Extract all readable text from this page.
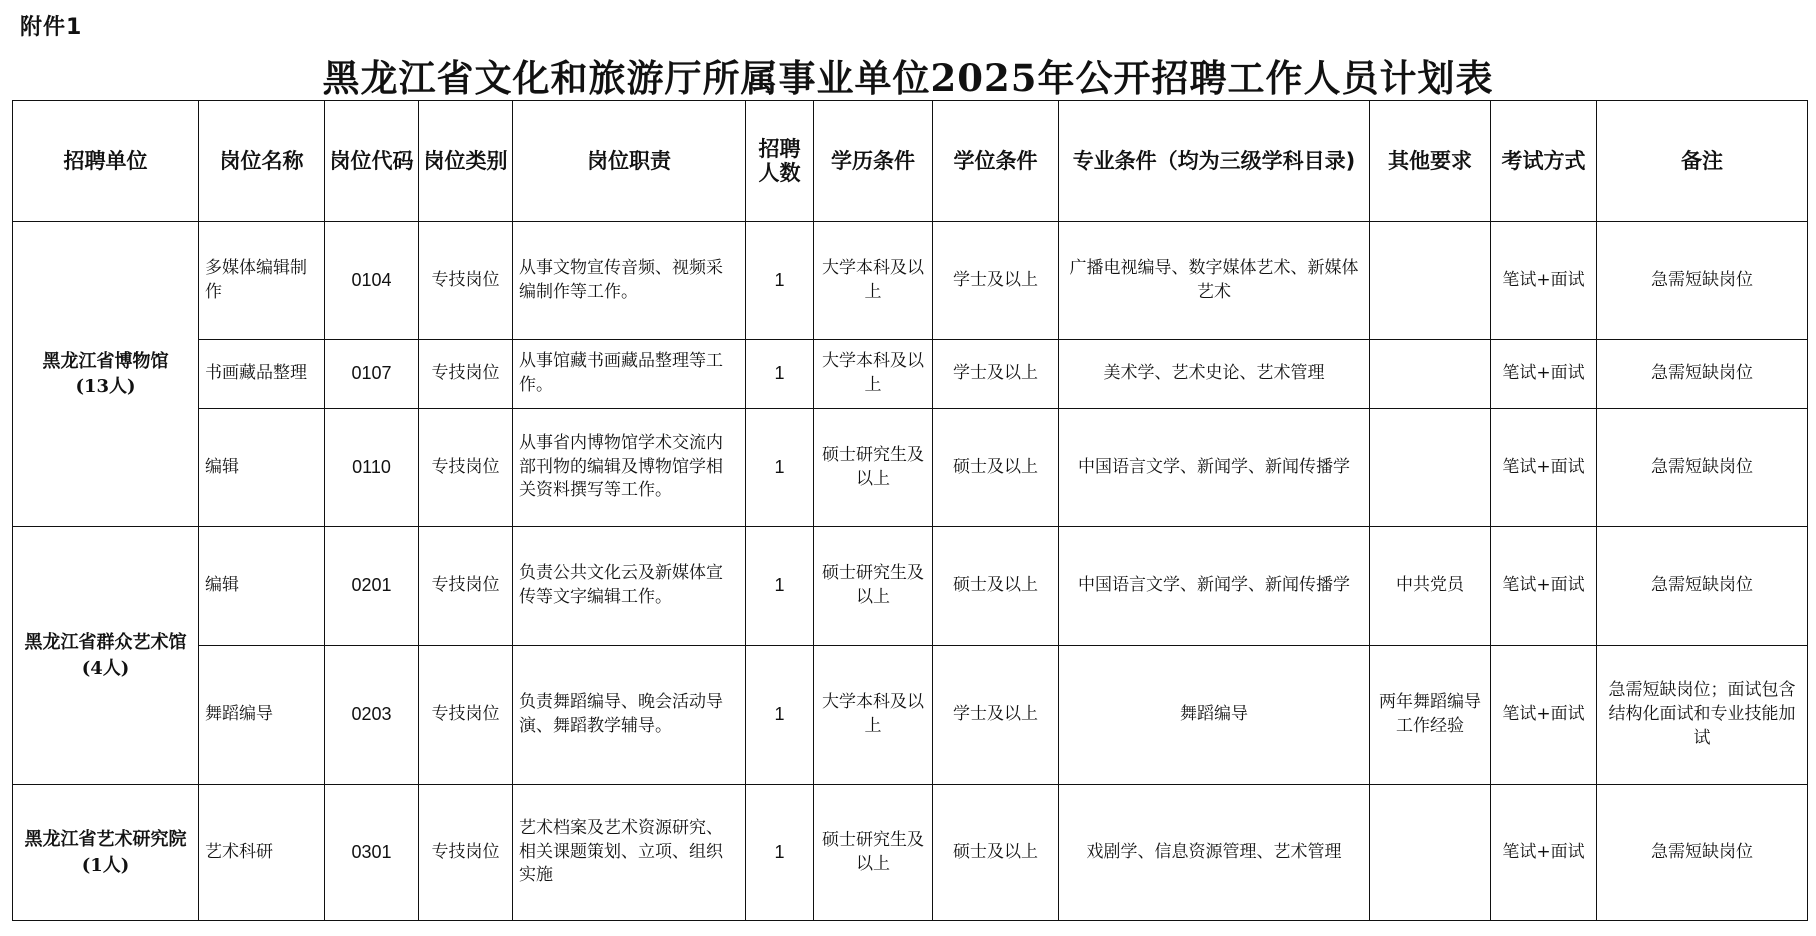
附件1
黑龙江省文化和旅游厅所属事业单位2025年公开招聘工作人员计划表
招聘单位	岗位名称	岗位代码	岗位类别	岗位职责	招聘人数	学历条件	学位条件	专业条件（均为三级学科目录)	其他要求	考试方式	备注

黑龙江省博物馆
(13人)	多媒体编辑制作	0104	专技岗位	从事文物宣传音频、视频采编制作等工作。	1	大学本科及以上	学士及以上	广播电视编导、数字媒体艺术、新媒体艺术		笔试+面试	急需短缺岗位
	书画藏品整理	0107	专技岗位	从事馆藏书画藏品整理等工作。	1	大学本科及以上	学士及以上	美术学、艺术史论、艺术管理		笔试+面试	急需短缺岗位
	编辑	0110	专技岗位	从事省内博物馆学术交流内部刊物的编辑及博物馆学相关资料撰写等工作。	1	硕士研究生及以上	硕士及以上	中国语言文学、新闻学、新闻传播学		笔试+面试	急需短缺岗位

黑龙江省群众艺术馆
(4人)	编辑	0201	专技岗位	负责公共文化云及新媒体宣传等文字编辑工作。	1	硕士研究生及以上	硕士及以上	中国语言文学、新闻学、新闻传播学	中共党员	笔试+面试	急需短缺岗位
	舞蹈编导	0203	专技岗位	负责舞蹈编导、晚会活动导演、舞蹈教学辅导。	1	大学本科及以上	学士及以上	舞蹈编导	两年舞蹈编导工作经验	笔试+面试	急需短缺岗位；面试包含结构化面试和专业技能加试

黑龙江省艺术研究院
(1人)	艺术科研	0301	专技岗位	艺术档案及艺术资源研究、相关课题策划、立项、组织实施	1	硕士研究生及以上	硕士及以上	戏剧学、信息资源管理、艺术管理		笔试+面试	急需短缺岗位
